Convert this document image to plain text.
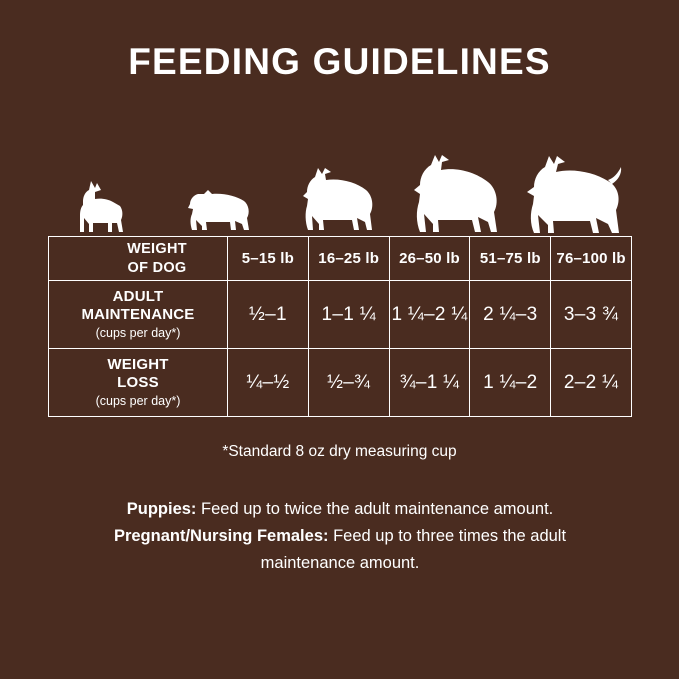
FEEDING GUIDELINES
WEIGHT
OF DOG	5–15 lb	16–25 lb	26–50 lb	51–75 lb	76–100 lb
ADULT
MAINTENANCE
(cups per day*)	½–1	1–1 ¼	1 ¼–2 ¼	2 ¼–3	3–3 ¾
WEIGHT
LOSS
(cups per day*)	¼–½	½–¾	¾–1 ¼	1 ¼–2	2–2 ¼
*Standard 8 oz dry measuring cup

Puppies: Feed up to twice the adult maintenance amount.

Pregnant/Nursing Females: Feed up to three times the adult

maintenance amount.
